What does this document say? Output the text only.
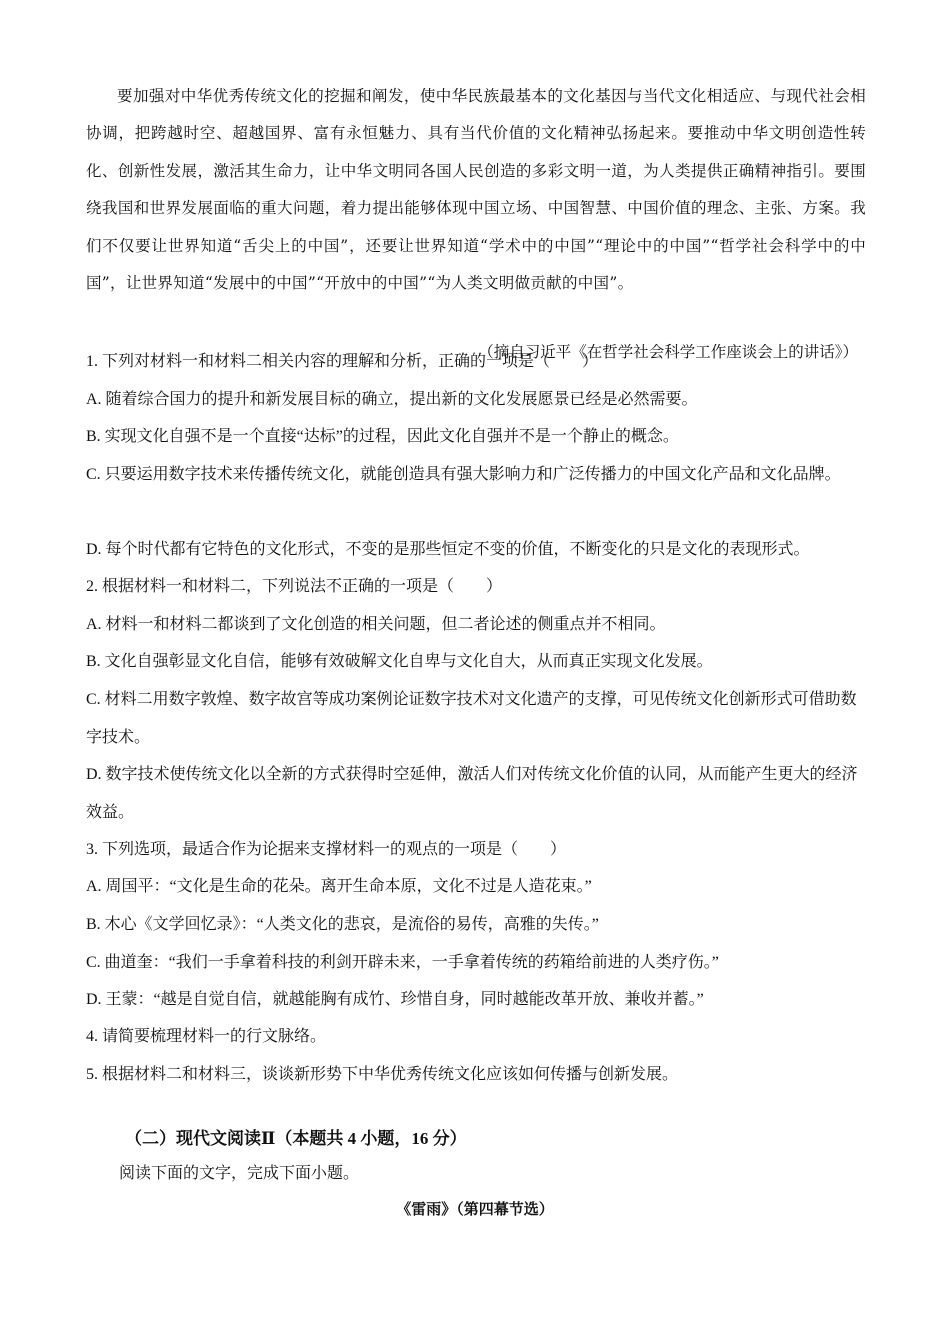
要加强对中华优秀传统文化的挖掘和阐发，使中华民族最基本的文化基因与当代文化相适应、与现代社会相协调，把跨越时空、超越国界、富有永恒魅力、具有当代价值的文化精神弘扬起来。要推动中华文明创造性转化、创新性发展，激活其生命力，让中华文明同各国人民创造的多彩文明一道，为人类提供正确精神指引。要围绕我国和世界发展面临的重大问题，着力提出能够体现中国立场、中国智慧、中国价值的理念、主张、方案。我们不仅要让世界知道“舌尖上的中国”，还要让世界知道“学术中的中国”“理论中的中国”“哲学社会科学中的中国”，让世界知道“发展中的中国”“开放中的中国”“为人类文明做贡献的中国”。

（摘自习近平《在哲学社会科学工作座谈会上的讲话》）

1. 下列对材料一和材料二相关内容的理解和分析，正确的一项是（　　）

A. 随着综合国力的提升和新发展目标的确立，提出新的文化发展愿景已经是必然需要。

B. 实现文化自强不是一个直接“达标”的过程，因此文化自强并不是一个静止的概念。

C. 只要运用数字技术来传播传统文化，就能创造具有强大影响力和广泛传播力的中国文化产品和文化品牌。

D. 每个时代都有它特色的文化形式，不变的是那些恒定不变的价值，不断变化的只是文化的表现形式。

2. 根据材料一和材料二，下列说法不正确的一项是（　　）

A. 材料一和材料二都谈到了文化创造的相关问题，但二者论述的侧重点并不相同。

B. 文化自强彰显文化自信，能够有效破解文化自卑与文化自大，从而真正实现文化发展。

C. 材料二用数字敦煌、数字故宫等成功案例论证数字技术对文化遗产的支撑，可见传统文化创新形式可借助数字技术。

D. 数字技术使传统文化以全新的方式获得时空延伸，激活人们对传统文化价值的认同，从而能产生更大的经济效益。

3. 下列选项，最适合作为论据来支撑材料一的观点的一项是（　　）

A. 周国平：“文化是生命的花朵。离开生命本原，文化不过是人造花束。”

B. 木心《文学回忆录》：“人类文化的悲哀，是流俗的易传，高雅的失传。”

C. 曲道奎：“我们一手拿着科技的利剑开辟未来，一手拿着传统的药箱给前进的人类疗伤。”

D. 王蒙：“越是自觉自信，就越能胸有成竹、珍惜自身，同时越能改革开放、兼收并蓄。”

4. 请简要梳理材料一的行文脉络。

5. 根据材料二和材料三，谈谈新形势下中华优秀传统文化应该如何传播与创新发展。

（二）现代文阅读Ⅱ（本题共 4 小题，16 分）

阅读下面的文字，完成下面小题。

《雷雨》（第四幕节选）
